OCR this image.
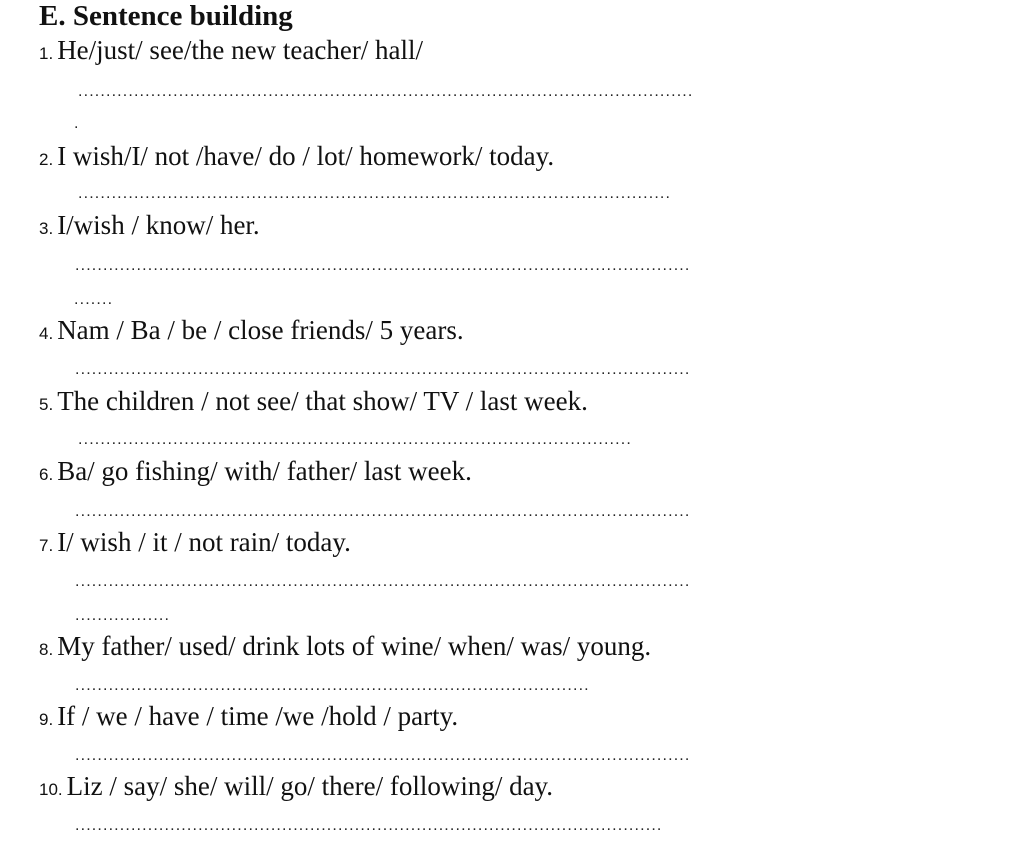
E. Sentence building
1. He/just/ see/the new teacher/ hall/
..............................................................................................................
.
2. I wish/I/ not /have/ do / lot/ homework/ today.
..........................................................................................................
3. I/wish / know/ her.
..............................................................................................................
.......
4. Nam / Ba / be / close friends/ 5 years.
..............................................................................................................
5. The children / not see/ that show/ TV / last week.
...................................................................................................
6. Ba/ go fishing/ with/ father/ last week.
..............................................................................................................
7. I/ wish / it / not rain/ today.
..............................................................................................................
.................
8. My father/ used/ drink lots of wine/ when/ was/ young.
............................................................................................
9. If / we / have / time /we /hold / party.
..............................................................................................................
10. Liz / say/ she/ will/ go/ there/ following/ day.
.........................................................................................................
